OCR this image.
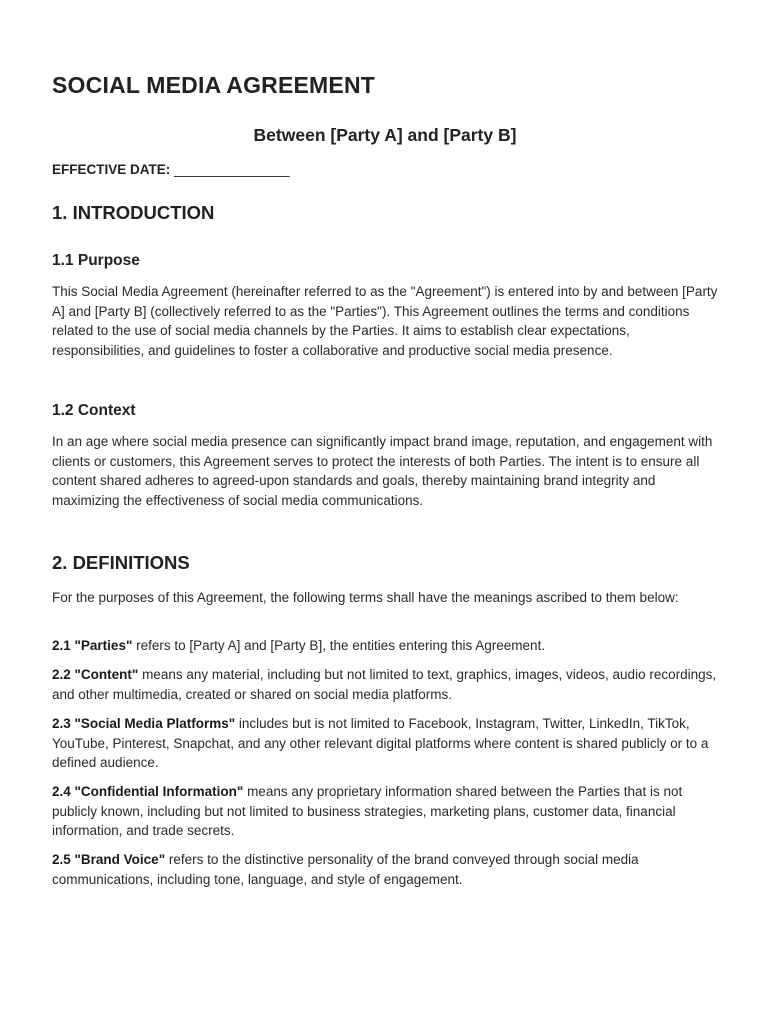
SOCIAL MEDIA AGREEMENT

Between [Party A] and [Party B]

EFFECTIVE DATE: ________________

1. INTRODUCTION
1.1 Purpose

This Social Media Agreement (hereinafter referred to as the "Agreement") is entered into by and between [Party A] and [Party B] (collectively referred to as the "Parties"). This Agreement outlines the terms and conditions related to the use of social media channels by the Parties. It aims to establish clear expectations, responsibilities, and guidelines to foster a collaborative and productive social media presence.

1.2 Context

In an age where social media presence can significantly impact brand image, reputation, and engagement with clients or customers, this Agreement serves to protect the interests of both Parties. The intent is to ensure all content shared adheres to agreed-upon standards and goals, thereby maintaining brand integrity and maximizing the effectiveness of social media communications.

2. DEFINITIONS

For the purposes of this Agreement, the following terms shall have the meanings ascribed to them below:

2.1 "Parties" refers to [Party A] and [Party B], the entities entering this Agreement.

2.2 "Content" means any material, including but not limited to text, graphics, images, videos, audio recordings, and other multimedia, created or shared on social media platforms.

2.3 "Social Media Platforms" includes but is not limited to Facebook, Instagram, Twitter, LinkedIn, TikTok, YouTube, Pinterest, Snapchat, and any other relevant digital platforms where content is shared publicly or to a defined audience.

2.4 "Confidential Information" means any proprietary information shared between the Parties that is not publicly known, including but not limited to business strategies, marketing plans, customer data, financial information, and trade secrets.

2.5 "Brand Voice" refers to the distinctive personality of the brand conveyed through social media communications, including tone, language, and style of engagement.
